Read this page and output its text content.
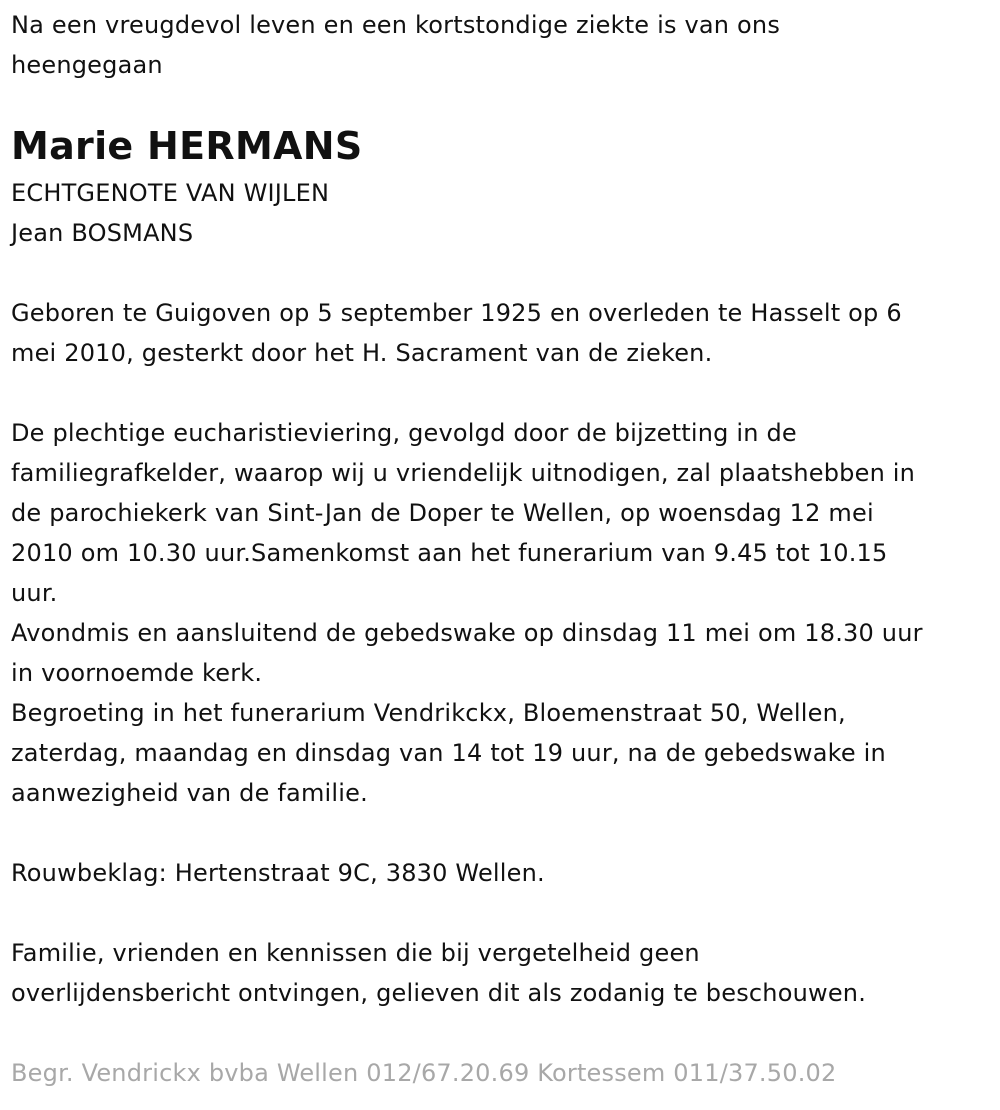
Na een vreugdevol leven en een kortstondige ziekte is van ons

heengegaan

Marie HERMANS

ECHTGENOTE VAN WIJLEN

Jean BOSMANS

Geboren te Guigoven op 5 september 1925 en overleden te Hasselt op 6

mei 2010, gesterkt door het H. Sacrament van de zieken.

De plechtige eucharistieviering, gevolgd door de bijzetting in de

familiegrafkelder, waarop wij u vriendelijk uitnodigen, zal plaatshebben in

de parochiekerk van Sint-Jan de Doper te Wellen, op woensdag 12 mei

2010 om 10.30 uur.Samenkomst aan het funerarium van 9.45 tot 10.15

uur.

Avondmis en aansluitend de gebedswake op dinsdag 11 mei om 18.30 uur

in voornoemde kerk.

Begroeting in het funerarium Vendrikckx, Bloemenstraat 50, Wellen,

zaterdag, maandag en dinsdag van 14 tot 19 uur, na de gebedswake in

aanwezigheid van de familie.

Rouwbeklag: Hertenstraat 9C, 3830 Wellen.

Familie, vrienden en kennissen die bij vergetelheid geen

overlijdensbericht ontvingen, gelieven dit als zodanig te beschouwen.

Begr. Vendrickx bvba Wellen 012/67.20.69 Kortessem 011/37.50.02
